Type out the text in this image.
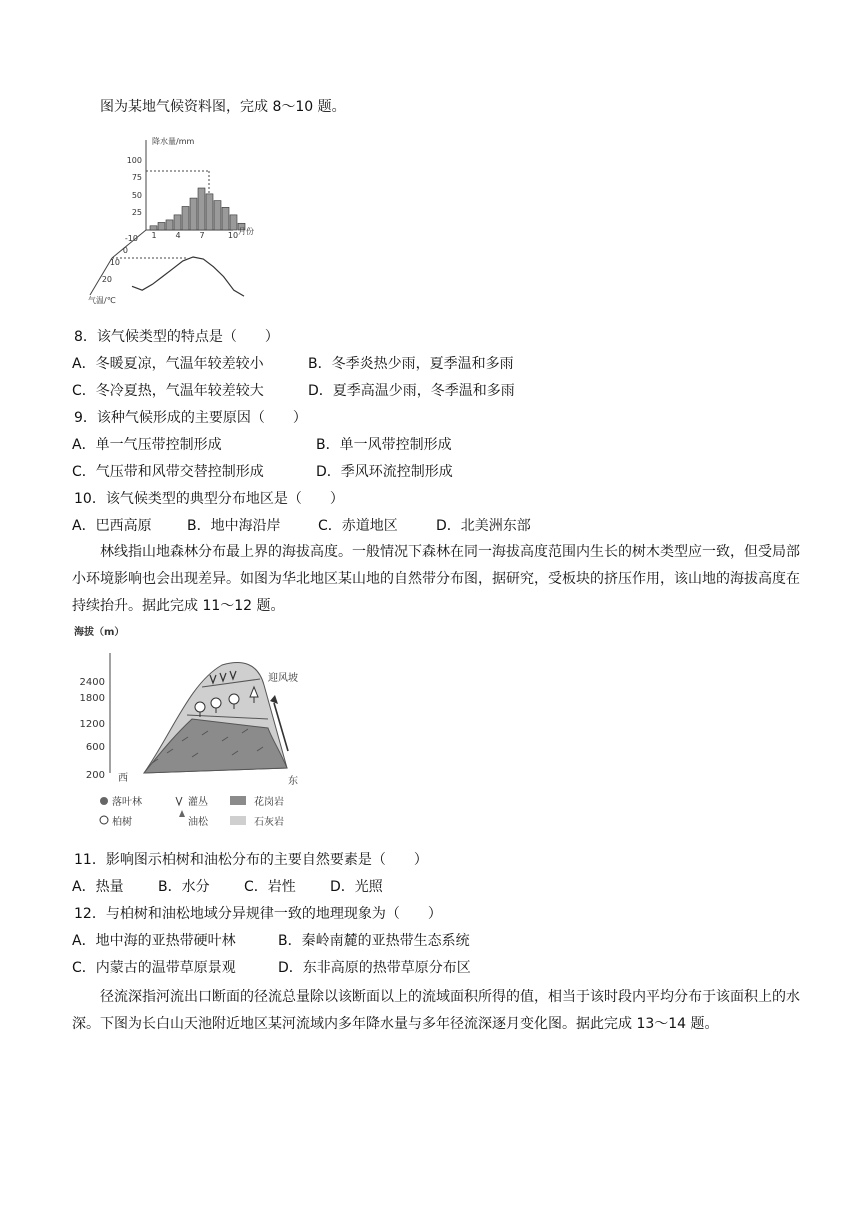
图为某地气候资料图，完成 8～10 题。
100
75
50
25
降水量/mm
1 4 7	10 月份
-10
0
10
20
气温/℃
8．该气候类型的特点是（　　）
A．冬暖夏凉，气温年较差较小	B．冬季炎热少雨，夏季温和多雨
C．冬冷夏热，气温年较差较大	D．夏季高温少雨，冬季温和多雨
9．该种气候形成的主要原因（　　）
A．单一气压带控制形成	B．单一风带控制形成
C．气压带和风带交替控制形成	D．季风环流控制形成
10．该气候类型的典型分布地区是（　　）
A．巴西高原	B．地中海沿岸	C．赤道地区	D．北美洲东部
林线指山地森林分布最上界的海拔高度。一般情况下森林在同一海拔高度范围内生长的树木类型应一致，但受局部小环境影响也会出现差异。如图为华北地区某山地的自然带分布图，据研究，受板块的挤压作用，该山地的海拔高度在持续抬升。据此完成 11～12 题。
海拔（m）
2400
1800
1200
600
200
迎风坡
西	东
落叶林	灌丛	花岗岩
柏树	油松	石灰岩
11．影响图示柏树和油松分布的主要自然要素是（　　）
A．热量 B．水分 C．岩性 D．光照
12．与柏树和油松地域分异规律一致的地理现象为（　　）
A．地中海的亚热带硬叶林	B．秦岭南麓的亚热带生态系统
C．内蒙古的温带草原景观	D．东非高原的热带草原分布区
径流深指河流出口断面的径流总量除以该断面以上的流域面积所得的值，相当于该时段内平均分布于该面积上的水深。下图为长白山天池附近地区某河流域内多年降水量与多年径流深逐月变化图。据此完成 13～14 题。
